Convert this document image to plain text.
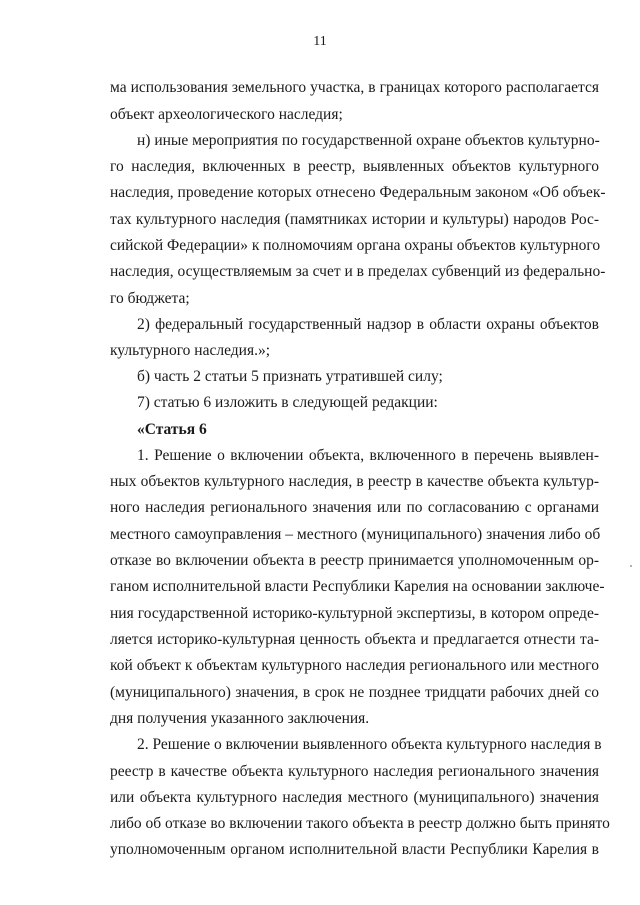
11
ма использования земельного участка, в границах которого располагается
объект археологического наследия;
н) иные мероприятия по государственной охране объектов культурно-
го наследия, включенных в реестр, выявленных объектов культурного
наследия, проведение которых отнесено Федеральным законом «Об объек-
тах культурного наследия (памятниках истории и культуры) народов Рос-
сийской Федерации» к полномочиям органа охраны объектов культурного
наследия, осуществляемым за счет и в пределах субвенций из федерально-
го бюджета;
2) федеральный государственный надзор в области охраны объектов
культурного наследия.»;
б) часть 2 статьи 5 признать утратившей силу;
7) статью 6 изложить в следующей редакции:
«Статья 6
1. Решение о включении объекта, включенного в перечень выявлен-
ных объектов культурного наследия, в реестр в качестве объекта культур-
ного наследия регионального значения или по согласованию с органами
местного самоуправления – местного (муниципального) значения либо об
отказе во включении объекта в реестр принимается уполномоченным ор-
ганом исполнительной власти Республики Карелия на основании заключе-
ния государственной историко-культурной экспертизы, в котором опреде-
ляется историко-культурная ценность объекта и предлагается отнести та-
кой объект к объектам культурного наследия регионального или местного
(муниципального) значения, в срок не позднее тридцати рабочих дней со
дня получения указанного заключения.
2. Решение о включении выявленного объекта культурного наследия в
реестр в качестве объекта культурного наследия регионального значения
или объекта культурного наследия местного (муниципального) значения
либо об отказе во включении такого объекта в реестр должно быть принято
уполномоченным органом исполнительной власти Республики Карелия в
